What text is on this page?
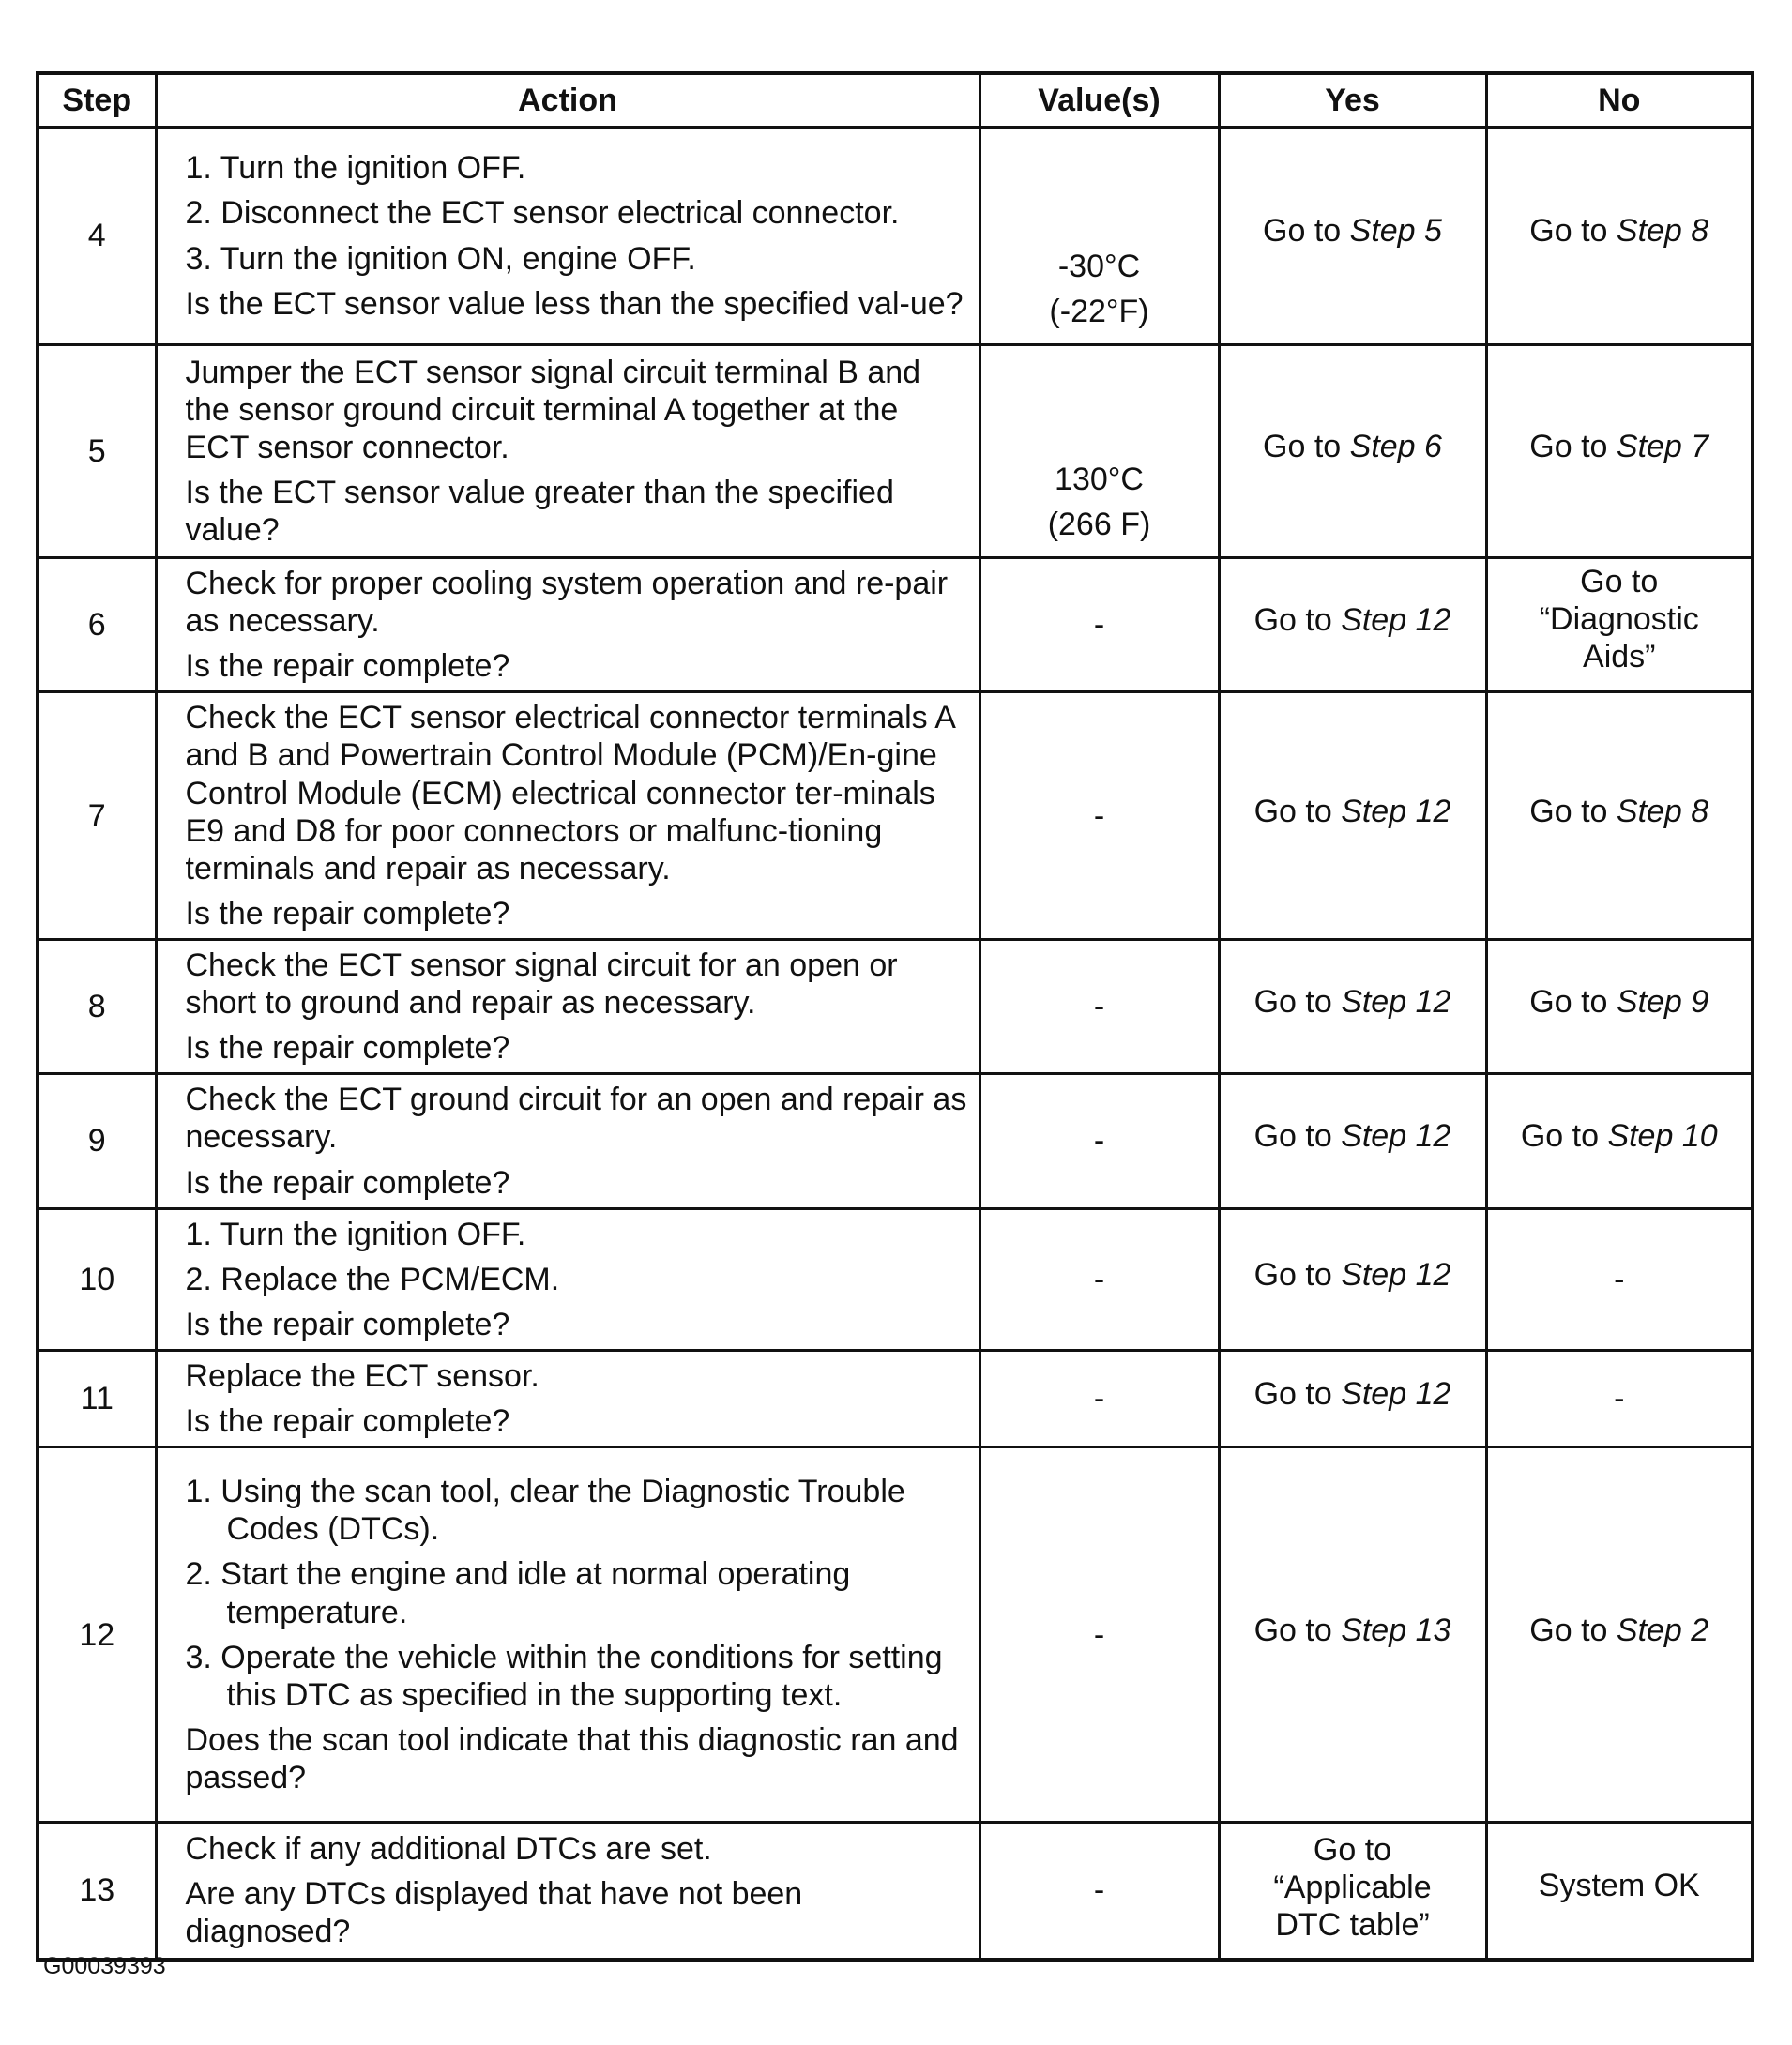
Step	Action	Value(s)	Yes	No
4	1. Turn the ignition OFF.
2. Disconnect the ECT sensor electrical connector.
3. Turn the ignition ON, engine OFF.
Is the ECT sensor value less than the specified val-ue?	-30°C
(-22°F)	Go to Step 5	Go to Step 8
5	Jumper the ECT sensor signal circuit terminal B and the sensor ground circuit terminal A together at the ECT sensor connector.
Is the ECT sensor value greater than the specified value?	130°C
(266 F)	Go to Step 6	Go to Step 7
6	Check for proper cooling system operation and re-pair as necessary.
Is the repair complete?	-	Go to Step 12	Go to
“Diagnostic
Aids”

7	Check the ECT sensor electrical connector terminals A and B and Powertrain Control Module (PCM)/En-gine Control Module (ECM) electrical connector ter-minals E9 and D8 for poor connectors or malfunc-tioning terminals and repair as necessary.
Is the repair complete?	-	Go to Step 12	Go to Step 8
8	Check the ECT sensor signal circuit for an open or short to ground and repair as necessary.
Is the repair complete?	-	Go to Step 12	Go to Step 9
9	Check the ECT ground circuit for an open and repair as necessary.
Is the repair complete?	-	Go to Step 12	Go to Step 10
10	1. Turn the ignition OFF.
2. Replace the PCM/ECM.
Is the repair complete?	-	Go to Step 12	-

11	Replace the ECT sensor.
Is the repair complete?	-	Go to Step 12	-

12	1. Using the scan tool, clear the Diagnostic Trouble Codes (DTCs).
2. Start the engine and idle at normal operating temperature.
3. Operate the vehicle within the conditions for setting this DTC as specified in the supporting text.
Does the scan tool indicate that this diagnostic ran and passed?	-	Go to Step 13	Go to Step 2
13	Check if any additional DTCs are set.
Are any DTCs displayed that have not been diagnosed?	-	Go to
“Applicable
DTC table”	System OK
G00039393
